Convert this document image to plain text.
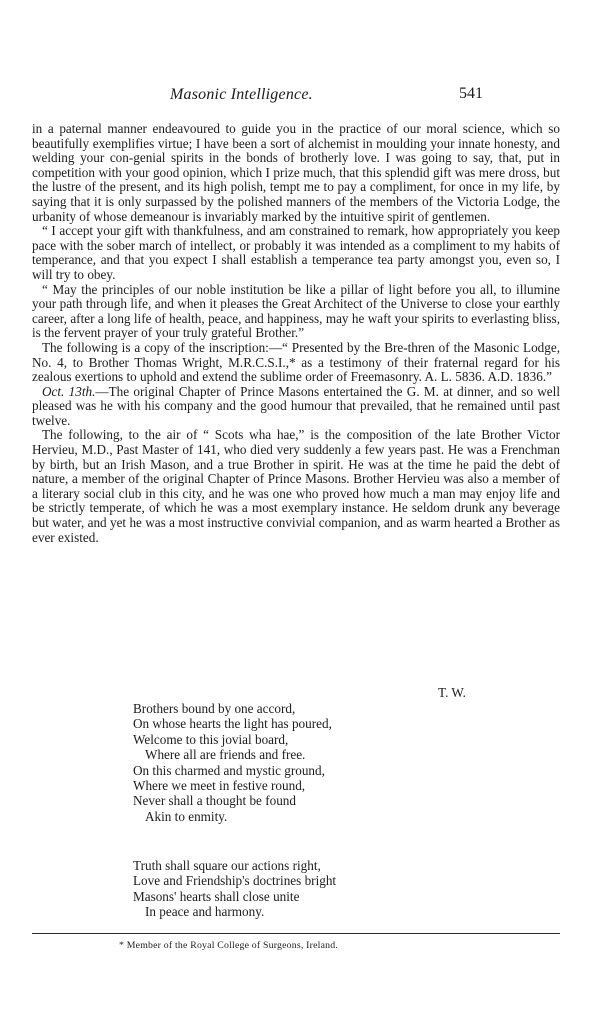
Masonic Intelligence.	541

in a paternal manner endeavoured to guide you in the practice of our moral science, which so beautifully exemplifies virtue; I have been a sort of alchemist in moulding your innate honesty, and welding your con-genial spirits in the bonds of brotherly love. I was going to say, that, put in competition with your good opinion, which I prize much, that this splendid gift was mere dross, but the lustre of the present, and its high polish, tempt me to pay a compliment, for once in my life, by saying that it is only surpassed by the polished manners of the members of the Victoria Lodge, the urbanity of whose demeanour is invariably marked by the intuitive spirit of gentlemen.

“ I accept your gift with thankfulness, and am constrained to remark, how appropriately you keep pace with the sober march of intellect, or probably it was intended as a compliment to my habits of temperance, and that you expect I shall establish a temperance tea party amongst you, even so, I will try to obey.

“ May the principles of our noble institution be like a pillar of light before you all, to illumine your path through life, and when it pleases the Great Architect of the Universe to close your earthly career, after a long life of health, peace, and happiness, may he waft your spirits to everlasting bliss, is the fervent prayer of your truly grateful Brother.”

The following is a copy of the inscription:—“ Presented by the Bre-thren of the Masonic Lodge, No. 4, to Brother Thomas Wright, M.R.C.S.I.,* as a testimony of their fraternal regard for his zealous exertions to uphold and extend the sublime order of Freemasonry. A. L. 5836. A.D. 1836.”

Oct. 13th.—The original Chapter of Prince Masons entertained the G. M. at dinner, and so well pleased was he with his company and the good humour that prevailed, that he remained until past twelve.

The following, to the air of “ Scots wha hae,” is the composition of the late Brother Victor Hervieu, M.D., Past Master of 141, who died very suddenly a few years past. He was a Frenchman by birth, but an Irish Mason, and a true Brother in spirit. He was at the time he paid the debt of nature, a member of the original Chapter of Prince Masons. Brother Hervieu was also a member of a literary social club in this city, and he was one who proved how much a man may enjoy life and be strictly temperate, of which he was a most exemplary instance. He seldom drunk any beverage but water, and yet he was a most instructive convivial companion, and as warm hearted a Brother as ever existed.

T. W.
Brothers bound by one accord,
On whose hearts the light has poured,
Welcome to this jovial board,
Where all are friends and free.
On this charmed and mystic ground,
Where we meet in festive round,
Never shall a thought be found
Akin to enmity.
Truth shall square our actions right,
Love and Friendship's doctrines bright
Masons' hearts shall close unite
In peace and harmony.
* Member of the Royal College of Surgeons, Ireland.
